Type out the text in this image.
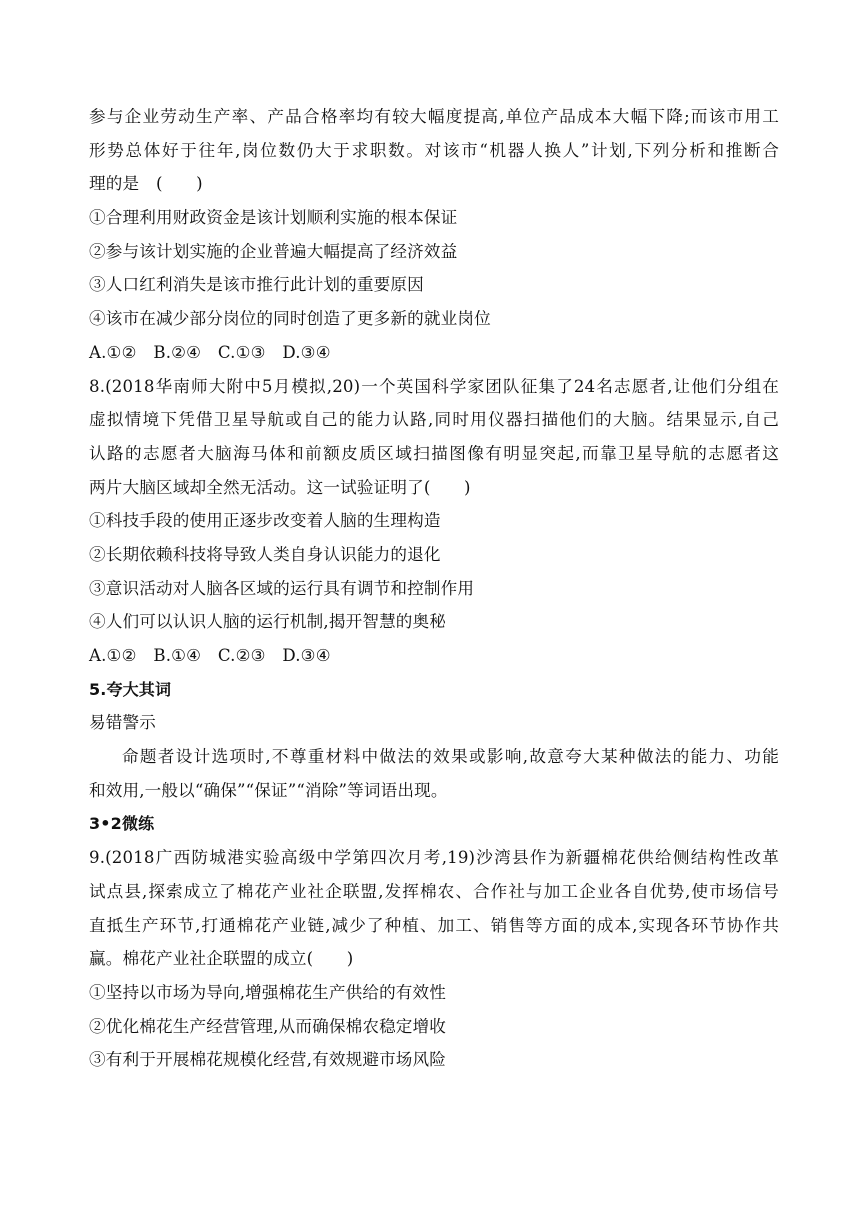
参与企业劳动生产率、产品合格率均有较大幅度提高,单位产品成本大幅下降;而该市用工
形势总体好于往年,岗位数仍大于求职数。对该市“机器人换人”计划,下列分析和推断合
理的是　(　　)
①合理利用财政资金是该计划顺利实施的根本保证
②参与该计划实施的企业普遍大幅提高了经济效益
③人口红利消失是该市推行此计划的重要原因
④该市在减少部分岗位的同时创造了更多新的就业岗位
A.①②　B.②④　C.①③　D.③④
8.(2018华南师大附中5月模拟,20)一个英国科学家团队征集了24名志愿者,让他们分组在
虚拟情境下凭借卫星导航或自己的能力认路,同时用仪器扫描他们的大脑。结果显示,自己
认路的志愿者大脑海马体和前额皮质区域扫描图像有明显突起,而靠卫星导航的志愿者这
两片大脑区域却全然无活动。这一试验证明了(　　)
①科技手段的使用正逐步改变着人脑的生理构造
②长期依赖科技将导致人类自身认识能力的退化
③意识活动对人脑各区域的运行具有调节和控制作用
④人们可以认识人脑的运行机制,揭开智慧的奥秘
A.①②　B.①④　C.②③　D.③④
5.夸大其词
易错警示
命题者设计选项时,不尊重材料中做法的效果或影响,故意夸大某种做法的能力、功能
和效用,一般以“确保”“保证”“消除”等词语出现。
3•2微练
9.(2018广西防城港实验高级中学第四次月考,19)沙湾县作为新疆棉花供给侧结构性改革
试点县,探索成立了棉花产业社企联盟,发挥棉农、合作社与加工企业各自优势,使市场信号
直抵生产环节,打通棉花产业链,减少了种植、加工、销售等方面的成本,实现各环节协作共
赢。棉花产业社企联盟的成立(　　)
①坚持以市场为导向,增强棉花生产供给的有效性
②优化棉花生产经营管理,从而确保棉农稳定增收
③有利于开展棉花规模化经营,有效规避市场风险
